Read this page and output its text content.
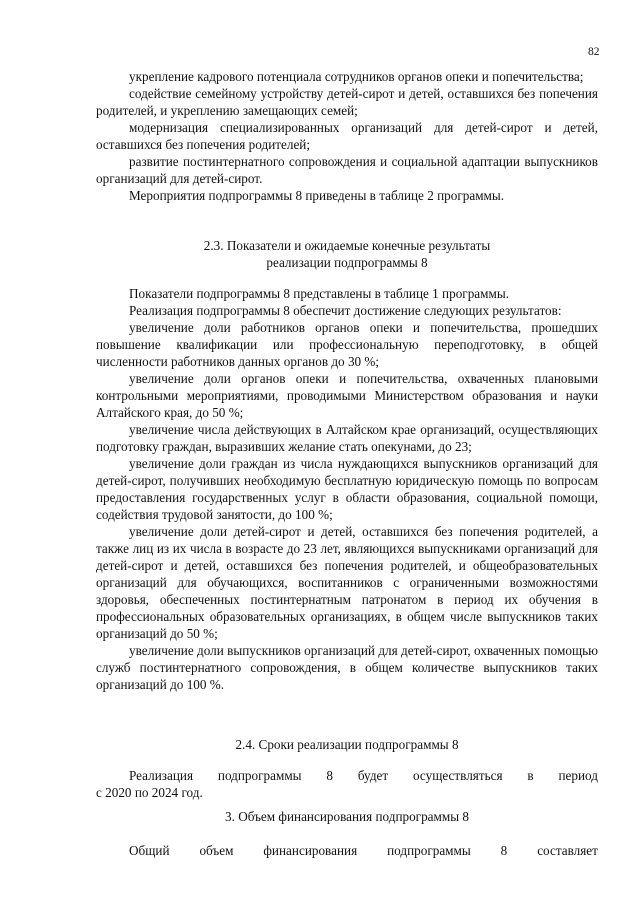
82

укрепление кадрового потенциала сотрудников органов опеки и попечительства;

содействие семейному устройству детей-сирот и детей, оставшихся без попечения родителей, и укреплению замещающих семей;

модернизация специализированных организаций для детей-сирот и детей, оставшихся без попечения родителей;

развитие постинтернатного сопровождения и социальной адаптации выпускников организаций для детей-сирот.

Мероприятия подпрограммы 8 приведены в таблице 2 программы.

2.3. Показатели и ожидаемые конечные результаты
реализации подпрограммы 8

Показатели подпрограммы 8 представлены в таблице 1 программы.

Реализация подпрограммы 8 обеспечит достижение следующих результатов:

увеличение доли работников органов опеки и попечительства, прошедших повышение квалификации или профессиональную переподготовку, в общей численности работников данных органов до 30 %;

увеличение доли органов опеки и попечительства, охваченных плановыми контрольными мероприятиями, проводимыми Министерством образования и науки Алтайского края, до 50 %;

увеличение числа действующих в Алтайском крае организаций, осуществляющих подготовку граждан, выразивших желание стать опекунами, до 23;

увеличение доли граждан из числа нуждающихся выпускников организаций для детей-сирот, получивших необходимую бесплатную юридическую помощь по вопросам предоставления государственных услуг в области образования, социальной помощи, содействия трудовой занятости, до 100 %;

увеличение доли детей-сирот и детей, оставшихся без попечения родителей, а также лиц из их числа в возрасте до 23 лет, являющихся выпускниками организаций для детей-сирот и детей, оставшихся без попечения родителей, и общеобразовательных организаций для обучающихся, воспитанников с ограниченными возможностями здоровья, обеспеченных постинтернатным патронатом в период их обучения в профессиональных образовательных организациях, в общем числе выпускников таких организаций до 50 %;

увеличение доли выпускников организаций для детей-сирот, охваченных помощью служб постинтернатного сопровождения, в общем количестве выпускников таких организаций до 100 %.

2.4. Сроки реализации подпрограммы 8
Реализация подпрограммы 8 будет осуществляться в период
с 2020 по 2024 год.
3. Объем финансирования подпрограммы 8
Общий объем финансирования подпрограммы 8 составляет
